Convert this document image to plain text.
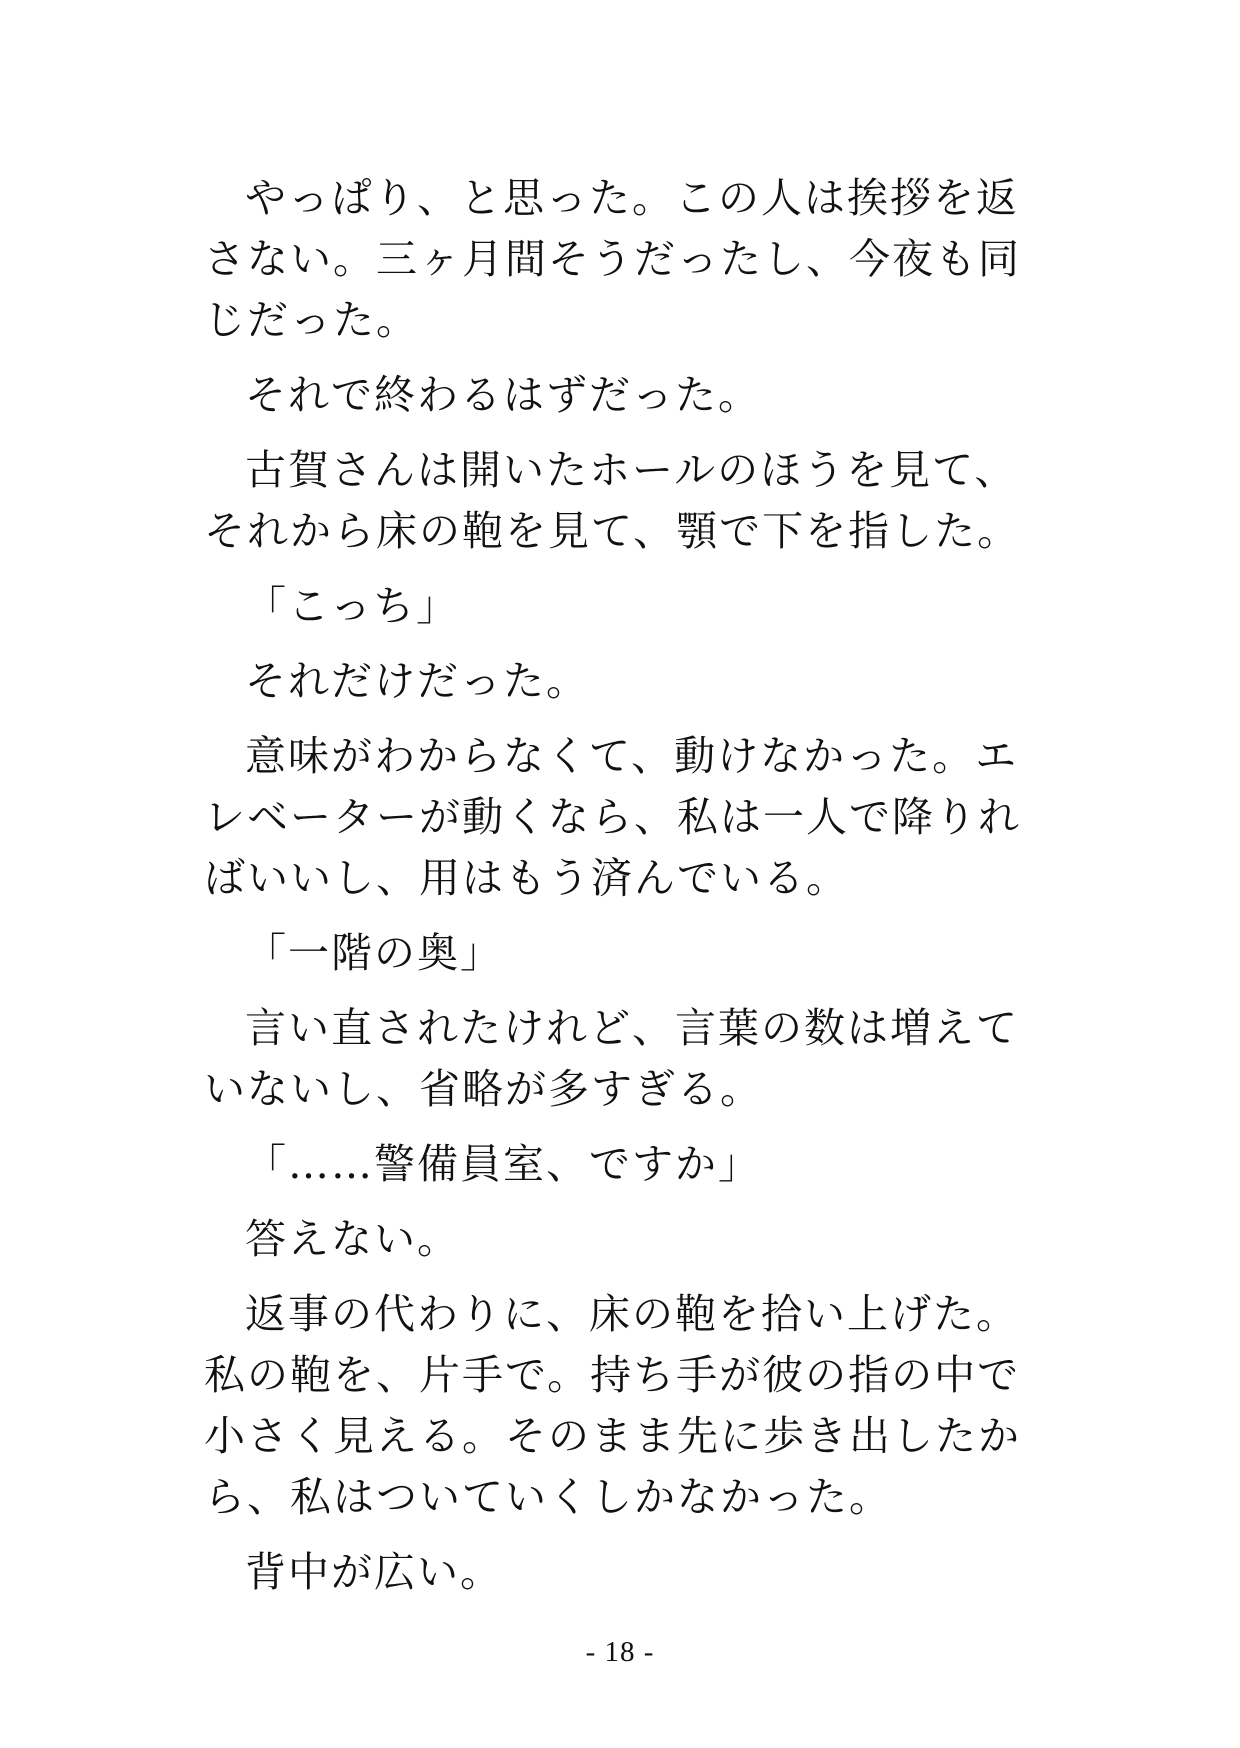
やっぱり、と思った。この人は挨拶を返さない。三ヶ月間そうだったし、今夜も同じだった。

それで終わるはずだった。

古賀さんは開いたホールのほうを見て、それから床の鞄を見て、顎で下を指した。

「こっち」

それだけだった。

意味がわからなくて、動けなかった。エレベーターが動くなら、私は一人で降りればいいし、用はもう済んでいる。

「一階の奥」

言い直されたけれど、言葉の数は増えていないし、省略が多すぎる。

「……警備員室、ですか」

答えない。

返事の代わりに、床の鞄を拾い上げた。私の鞄を、片手で。持ち手が彼の指の中で小さく見える。そのまま先に歩き出したから、私はついていくしかなかった。

背中が広い。

- 18 -
